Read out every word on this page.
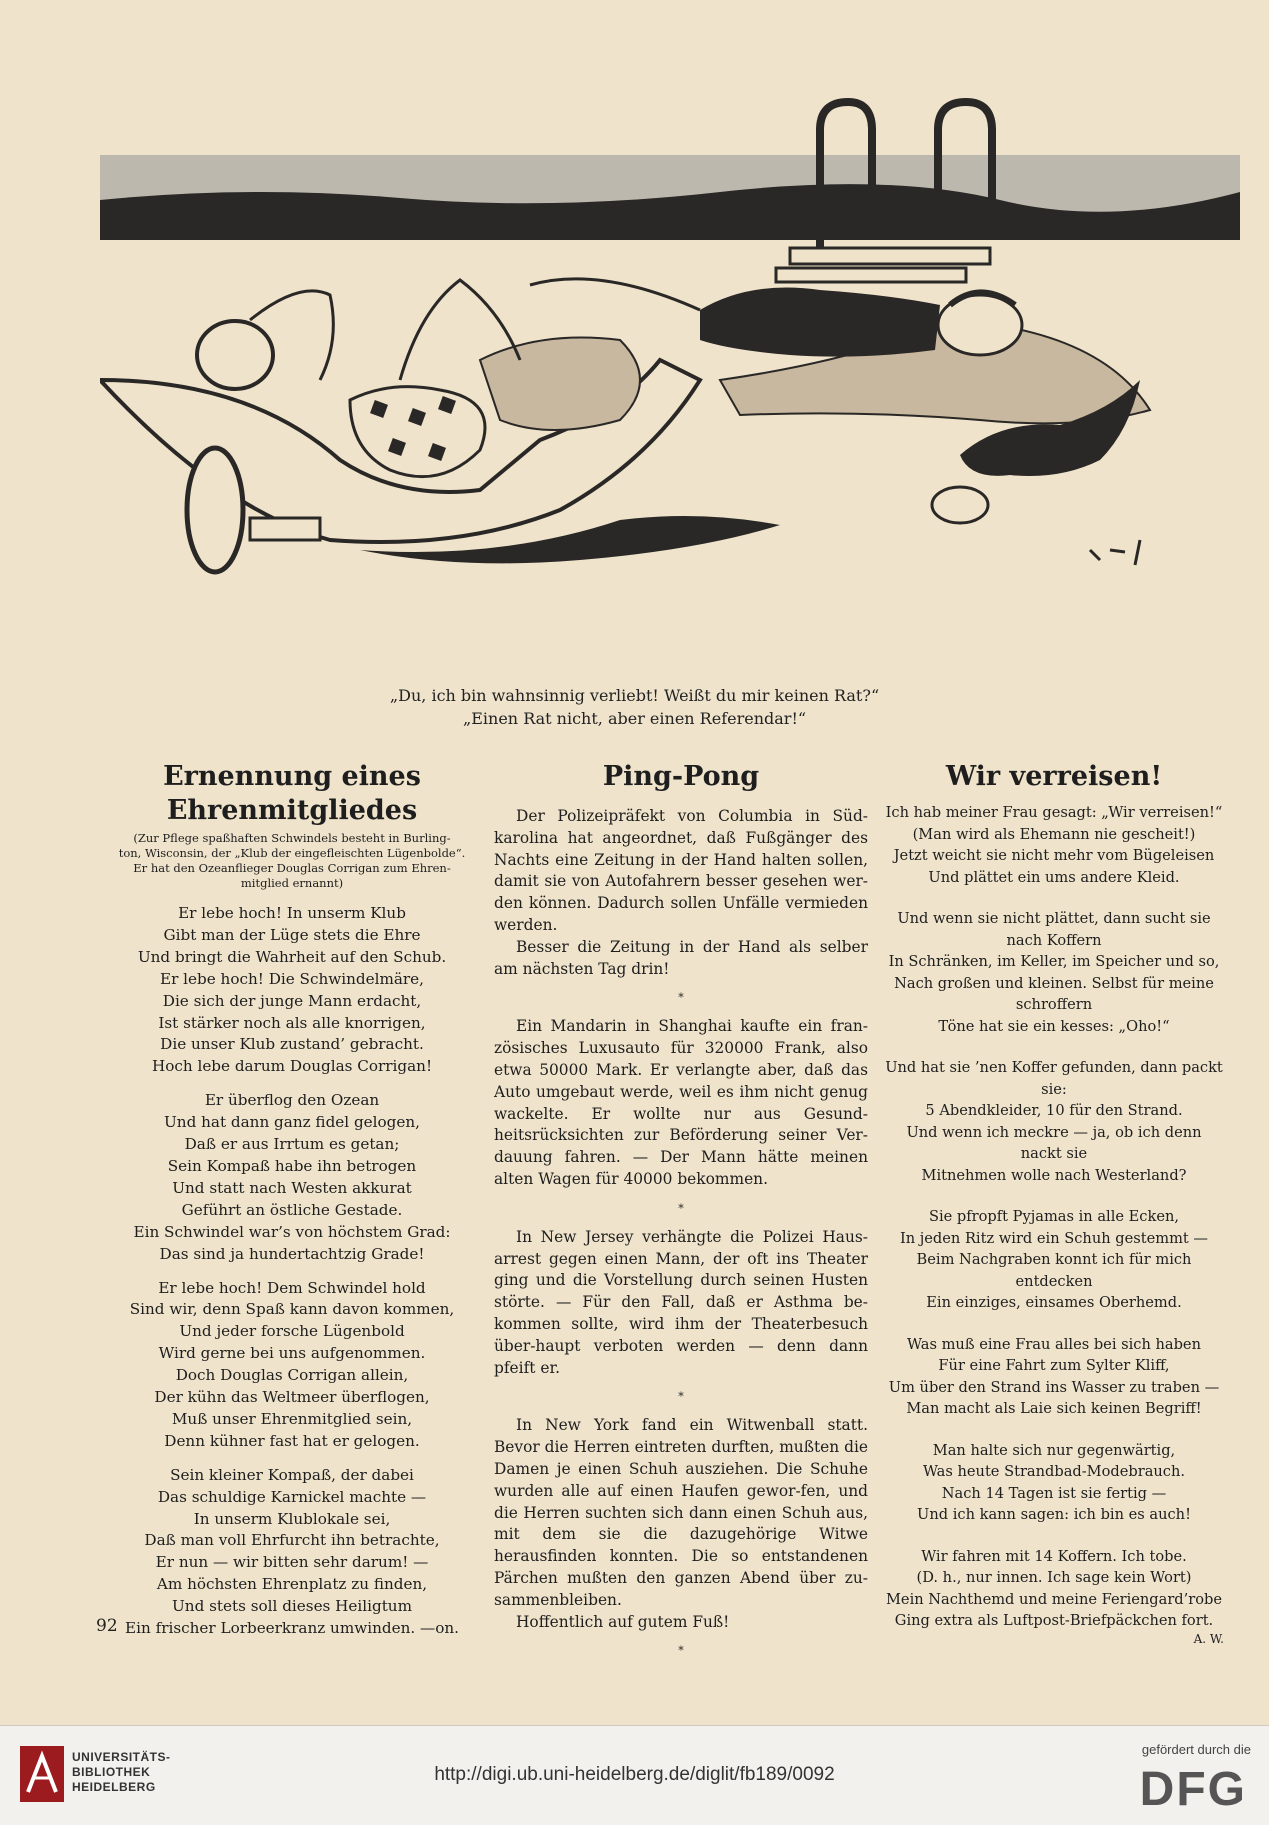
„Du, ich bin wahnsinnig verliebt! Weißt du mir keinen Rat?“
„Einen Rat nicht, aber einen Referendar!“
Ernennung eines Ehrenmitgliedes
(Zur Pflege spaßhaften Schwindels besteht in Burling-
ton, Wisconsin, der „Klub der eingefleischten Lügenbolde“.
Er hat den Ozeanflieger Douglas Corrigan zum Ehren-
mitglied ernannt)
Er lebe hoch! In unserm Klub
Gibt man der Lüge stets die Ehre
Und bringt die Wahrheit auf den Schub.
Er lebe hoch! Die Schwindelmäre,
Die sich der junge Mann erdacht,
Ist stärker noch als alle knorrigen,
Die unser Klub zustand’ gebracht.
Hoch lebe darum Douglas Corrigan!
Er überflog den Ozean
Und hat dann ganz fidel gelogen,
Daß er aus Irrtum es getan;
Sein Kompaß habe ihn betrogen
Und statt nach Westen akkurat
Geführt an östliche Gestade.
Ein Schwindel war’s von höchstem Grad:
Das sind ja hundertachtzig Grade!
Er lebe hoch! Dem Schwindel hold
Sind wir, denn Spaß kann davon kommen,
Und jeder forsche Lügenbold
Wird gerne bei uns aufgenommen.
Doch Douglas Corrigan allein,
Der kühn das Weltmeer überflogen,
Muß unser Ehrenmitglied sein,
Denn kühner fast hat er gelogen.
Sein kleiner Kompaß, der dabei
Das schuldige Karnickel machte —
In unserm Klublokale sei,
Daß man voll Ehrfurcht ihn betrachte,
Er nun — wir bitten sehr darum! —
Am höchsten Ehrenplatz zu finden,
Und stets soll dieses Heiligtum
Ein frischer Lorbeerkranz umwinden. —on.
Ping-Pong

Der Polizeipräfekt von Columbia in Süd-karolina hat angeordnet, daß Fußgänger des Nachts eine Zeitung in der Hand halten sollen, damit sie von Autofahrern besser gesehen wer-den können. Dadurch sollen Unfälle vermieden werden.

Besser die Zeitung in der Hand als selber am nächsten Tag drin!

*

Ein Mandarin in Shanghai kaufte ein fran-zösisches Luxusauto für 320000 Frank, also etwa 50000 Mark. Er verlangte aber, daß das Auto umgebaut werde, weil es ihm nicht genug wackelte. Er wollte nur aus Gesund-heitsrücksichten zur Beförderung seiner Ver-dauung fahren. — Der Mann hätte meinen alten Wagen für 40000 bekommen.

*

In New Jersey verhängte die Polizei Haus-arrest gegen einen Mann, der oft ins Theater ging und die Vorstellung durch seinen Husten störte. — Für den Fall, daß er Asthma be-kommen sollte, wird ihm der Theaterbesuch über-haupt verboten werden — denn dann pfeift er.

*

In New York fand ein Witwenball statt. Bevor die Herren eintreten durften, mußten die Damen je einen Schuh ausziehen. Die Schuhe wurden alle auf einen Haufen gewor-fen, und die Herren suchten sich dann einen Schuh aus, mit dem sie die dazugehörige Witwe herausfinden konnten. Die so entstandenen Pärchen mußten den ganzen Abend über zu-sammenbleiben.

Hoffentlich auf gutem Fuß!

*
Wir verreisen!
Ich hab meiner Frau gesagt: „Wir verreisen!“
(Man wird als Ehemann nie gescheit!)
Jetzt weicht sie nicht mehr vom Bügeleisen
Und plättet ein ums andere Kleid.
Und wenn sie nicht plättet, dann sucht sie
nach Koffern
In Schränken, im Keller, im Speicher und so,
Nach großen und kleinen. Selbst für meine
schroffern
Töne hat sie ein kesses: „Oho!“
Und hat sie ’nen Koffer gefunden, dann packt sie:
5 Abendkleider, 10 für den Strand.
Und wenn ich meckre — ja, ob ich denn nackt sie
Mitnehmen wolle nach Westerland?
Sie pfropft Pyjamas in alle Ecken,
In jeden Ritz wird ein Schuh gestemmt —
Beim Nachgraben konnt ich für mich entdecken
Ein einziges, einsames Oberhemd.
Was muß eine Frau alles bei sich haben
Für eine Fahrt zum Sylter Kliff,
Um über den Strand ins Wasser zu traben —
Man macht als Laie sich keinen Begriff!
Man halte sich nur gegenwärtig,
Was heute Strandbad-Modebrauch.
Nach 14 Tagen ist sie fertig —
Und ich kann sagen: ich bin es auch!
Wir fahren mit 14 Koffern. Ich tobe.
(D. h., nur innen. Ich sage kein Wort)
Mein Nachthemd und meine Feriengard’robe
Ging extra als Luftpost-Briefpäckchen fort.
A. W.
92
UNIVERSITÄTS-
BIBLIOTHEK
HEIDELBERG
http://digi.ub.uni-heidelberg.de/diglit/fb189/0092
gefördert durch die
DFG
